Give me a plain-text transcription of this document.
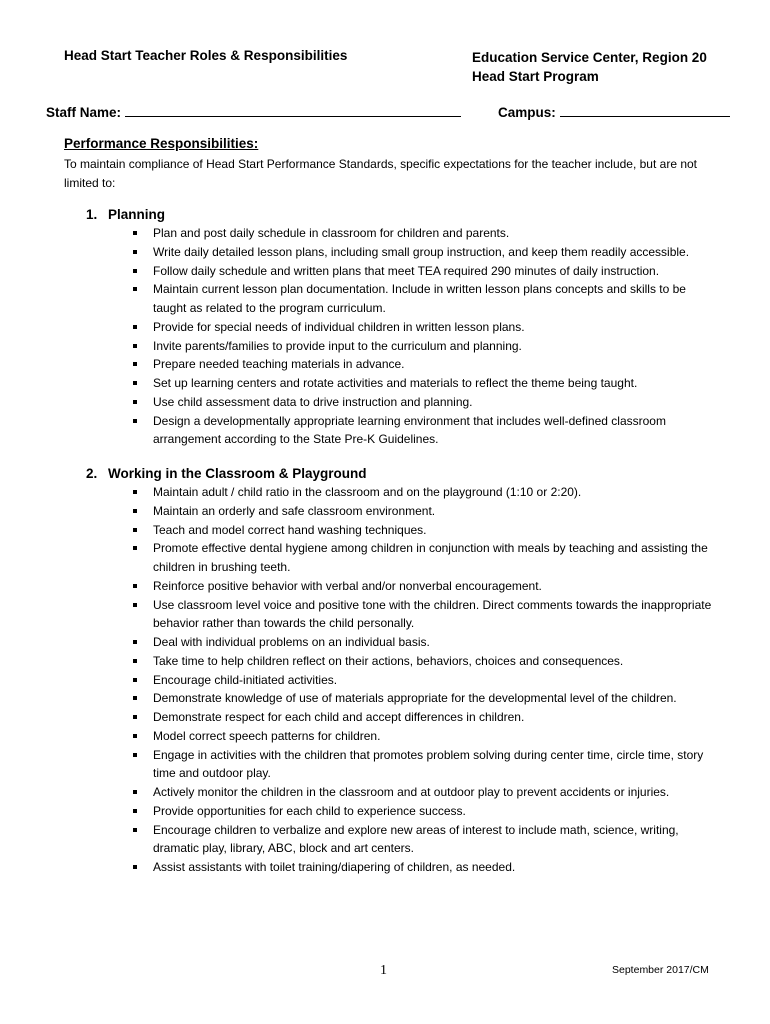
Head Start Teacher Roles & Responsibilities	Education Service Center, Region 20
Head Start Program
Staff Name:	Campus:
Performance Responsibilities:
To maintain compliance of Head Start Performance Standards, specific expectations for the teacher include, but are not limited to:
1. Planning
Plan and post daily schedule in classroom for children and parents.
Write daily detailed lesson plans, including small group instruction, and keep them readily accessible.
Follow daily schedule and written plans that meet TEA required 290 minutes of daily instruction.
Maintain current lesson plan documentation. Include in written lesson plans concepts and skills to be taught as related to the program curriculum.
Provide for special needs of individual children in written lesson plans.
Invite parents/families to provide input to the curriculum and planning.
Prepare needed teaching materials in advance.
Set up learning centers and rotate activities and materials to reflect the theme being taught.
Use child assessment data to drive instruction and planning.
Design a developmentally appropriate learning environment that includes well-defined classroom arrangement according to the State Pre-K Guidelines.
2. Working in the Classroom & Playground
Maintain adult / child ratio in the classroom and on the playground (1:10 or 2:20).
Maintain an orderly and safe classroom environment.
Teach and model correct hand washing techniques.
Promote effective dental hygiene among children in conjunction with meals by teaching and assisting the children in brushing teeth.
Reinforce positive behavior with verbal and/or nonverbal encouragement.
Use classroom level voice and positive tone with the children. Direct comments towards the inappropriate behavior rather than towards the child personally.
Deal with individual problems on an individual basis.
Take time to help children reflect on their actions, behaviors, choices and consequences.
Encourage child-initiated activities.
Demonstrate knowledge of use of materials appropriate for the developmental level of the children.
Demonstrate respect for each child and accept differences in children.
Model correct speech patterns for children.
Engage in activities with the children that promotes problem solving during center time, circle time, story time and outdoor play.
Actively monitor the children in the classroom and at outdoor play to prevent accidents or injuries.
Provide opportunities for each child to experience success.
Encourage children to verbalize and explore new areas of interest to include math, science, writing, dramatic play, library, ABC, block and art centers.
Assist assistants with toilet training/diapering of children, as needed.
1	September 2017/CM
